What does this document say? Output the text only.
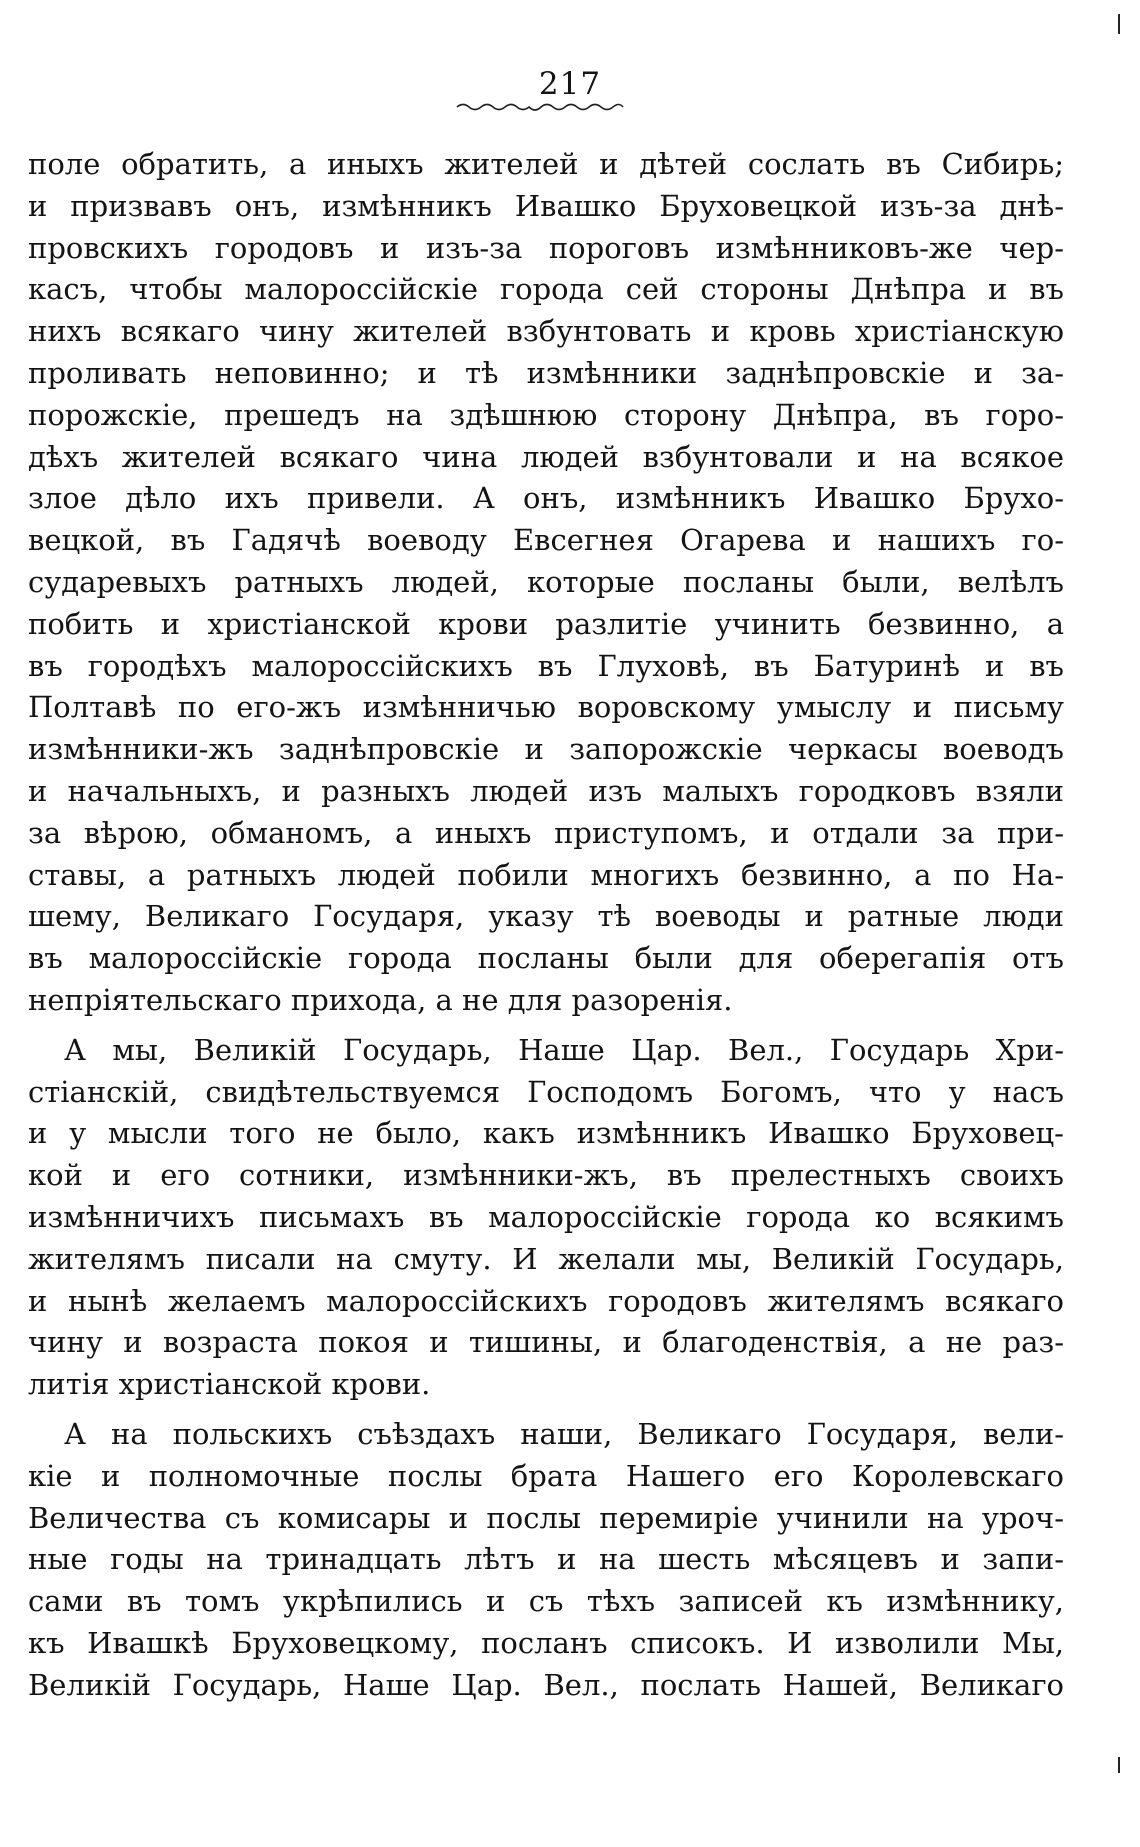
217
поле обратить, а иныхъ жителей и дѣтей сослать въ Сибирь;
и призвавъ онъ, измѣнникъ Ивашко Бруховецкой изъ-за днѣ-
провскихъ городовъ и изъ-за пороговъ измѣнниковъ-же чер-
касъ, чтобы малороссійскіе города сей стороны Днѣпра и въ
нихъ всякаго чину жителей взбунтовать и кровь христіанскую
проливать неповинно; и тѣ измѣнники заднѣпровскіе и за-
порожскіе, прешедъ на здѣшнюю сторону Днѣпра, въ горо-
дѣхъ жителей всякаго чина людей взбунтовали и на всякое
злое дѣло ихъ привели. А онъ, измѣнникъ Ивашко Брухо-
вецкой, въ Гадячѣ воеводу Евсегнея Огарева и нашихъ го-
сударевыхъ ратныхъ людей, которые посланы были, велѣлъ
побить и христіанской крови разлитіе учинить безвинно, а
въ городѣхъ малороссійскихъ въ Глуховѣ, въ Батуринѣ и въ
Полтавѣ по его-жъ измѣнничью воровскому умыслу и письму
измѣнники-жъ заднѣпровскіе и запорожскіе черкасы воеводъ
и начальныхъ, и разныхъ людей изъ малыхъ городковъ взяли
за вѣрою, обманомъ, а иныхъ приступомъ, и отдали за при-
ставы, а ратныхъ людей побили многихъ безвинно, а по На-
шему, Великаго Государя, указу тѣ воеводы и ратные люди
въ малороссійскіе города посланы были для оберегапія отъ
непріятельскаго прихода, а не для разоренія.
А мы, Великій Государь, Наше Цар. Вел., Государь Хри-
стіанскій, свидѣтельствуемся Господомъ Богомъ, что у насъ
и у мысли того не было, какъ измѣнникъ Ивашко Бруховец-
кой и его сотники, измѣнники-жъ, въ прелестныхъ своихъ
измѣнничихъ письмахъ въ малороссійскіе города ко всякимъ
жителямъ писали на смуту. И желали мы, Великій Государь,
и нынѣ желаемъ малороссійскихъ городовъ жителямъ всякаго
чину и возраста покоя и тишины, и благоденствія, а не раз-
литія христіанской крови.
А на польскихъ съѣздахъ наши, Великаго Государя, вели-
кіе и полномочные послы брата Нашего его Королевскаго
Величества съ комисары и послы перемиріе учинили на уроч-
ные годы на тринадцать лѣтъ и на шесть мѣсяцевъ и запи-
сами въ томъ укрѣпились и съ тѣхъ записей къ измѣннику,
къ Ивашкѣ Бруховецкому, посланъ списокъ. И изволили Мы,
Великій Государь, Наше Цар. Вел., послать Нашей, Великаго
